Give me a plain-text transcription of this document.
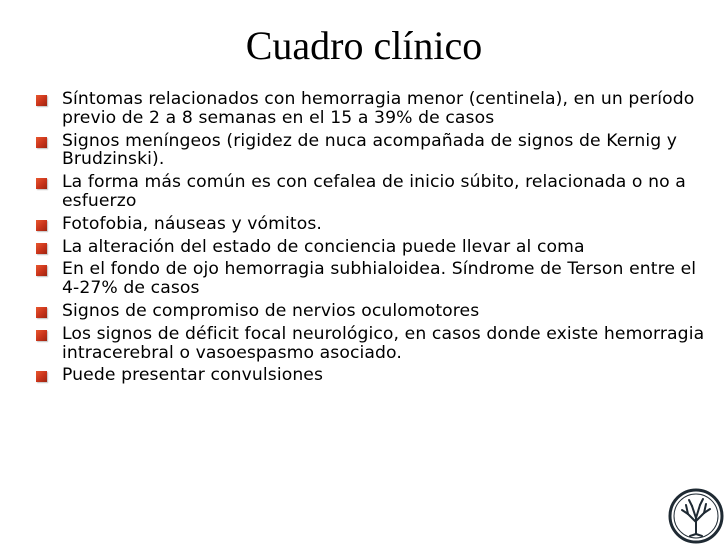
Cuadro clínico
Síntomas relacionados con hemorragia menor (centinela), en un período previo de 2 a 8 semanas en el 15 a 39% de casos
Signos meníngeos (rigidez de nuca acompañada de signos de Kernig y Brudzinski).
La forma más común es con cefalea de inicio súbito, relacionada o no a esfuerzo
Fotofobia, náuseas y vómitos.
La alteración del estado de conciencia puede llevar al coma
En el fondo de ojo hemorragia subhialoidea. Síndrome de Terson entre el 4-27% de casos
Signos de compromiso de nervios oculomotores
Los signos de déficit focal neurológico, en casos donde existe hemorragia intracerebral o vasoespasmo asociado.
Puede presentar convulsiones
